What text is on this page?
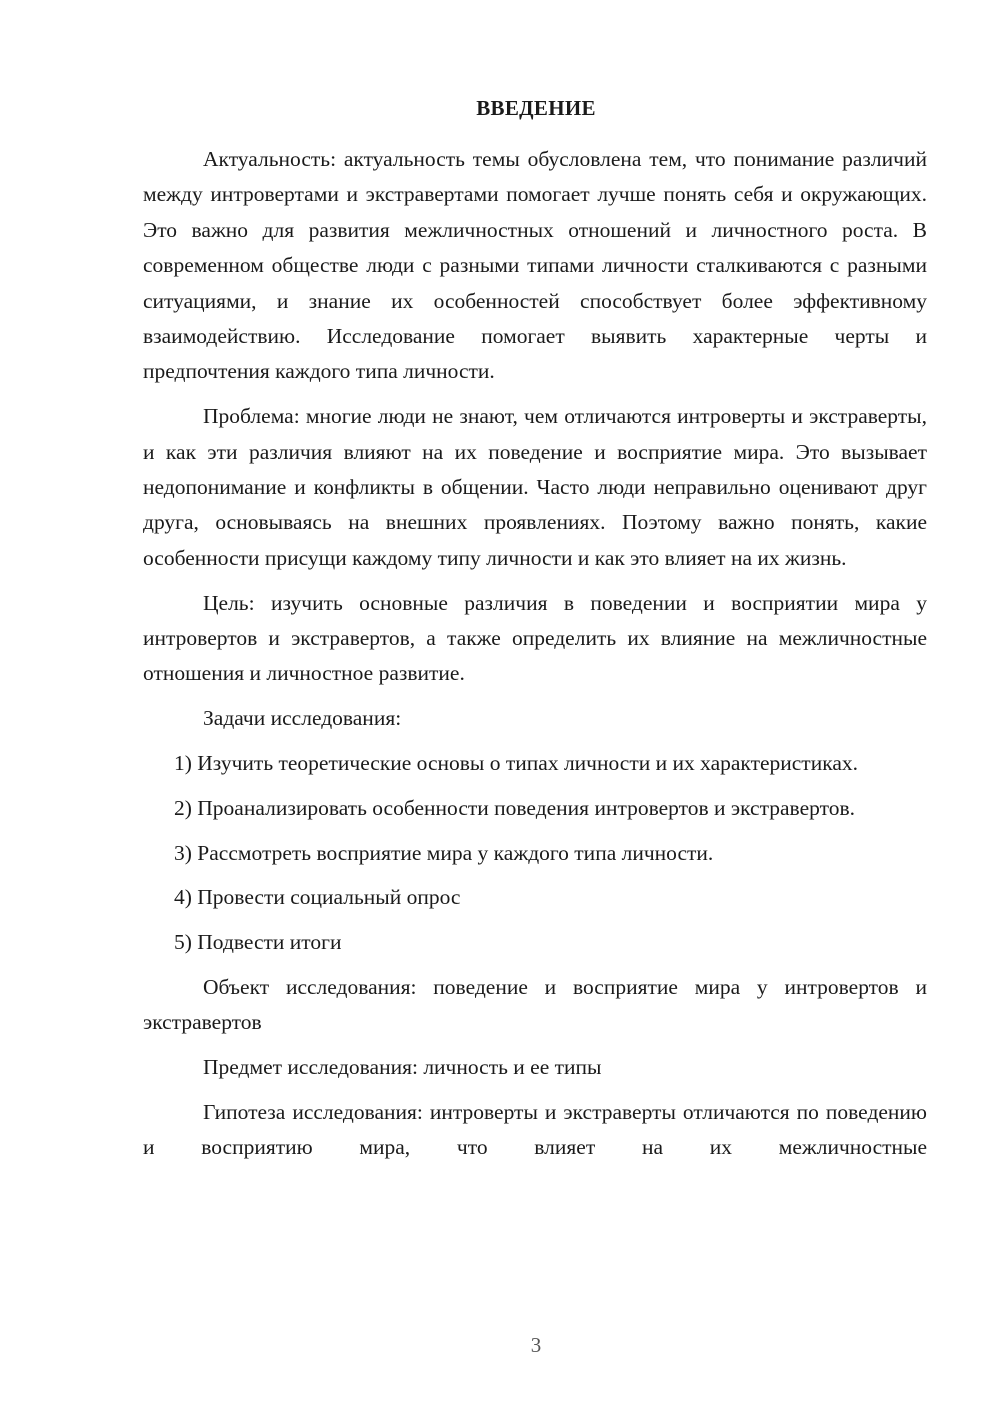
ВВЕДЕНИЕ

Актуальность: актуальность темы обусловлена тем, что понимание различий между интровертами и экстравертами помогает лучше понять себя и окружающих. Это важно для развития межличностных отношений и личностного роста. В современном обществе люди с разными типами личности сталкиваются с разными ситуациями, и знание их особенностей способствует более эффективному взаимодействию. Исследование помогает выявить характерные черты и предпочтения каждого типа личности.

Проблема: многие люди не знают, чем отличаются интроверты и экстраверты, и как эти различия влияют на их поведение и восприятие мира. Это вызывает недопонимание и конфликты в общении. Часто люди неправильно оценивают друг друга, основываясь на внешних проявлениях. Поэтому важно понять, какие особенности присущи каждому типу личности и как это влияет на их жизнь.

Цель: изучить основные различия в поведении и восприятии мира у интровертов и экстравертов, а также определить их влияние на межличностные отношения и личностное развитие.

Задачи исследования:

1) Изучить теоретические основы о типах личности и их характеристиках.

2) Проанализировать особенности поведения интровертов и экстравертов.

3) Рассмотреть восприятие мира у каждого типа личности.

4) Провести социальный опрос

5) Подвести итоги

Объект исследования: поведение и восприятие мира у интровертов и экстравертов

Предмет исследования: личность и ее типы

Гипотеза исследования: интроверты и экстраверты отличаются по поведению и восприятию мира, что влияет на их межличностные

3
